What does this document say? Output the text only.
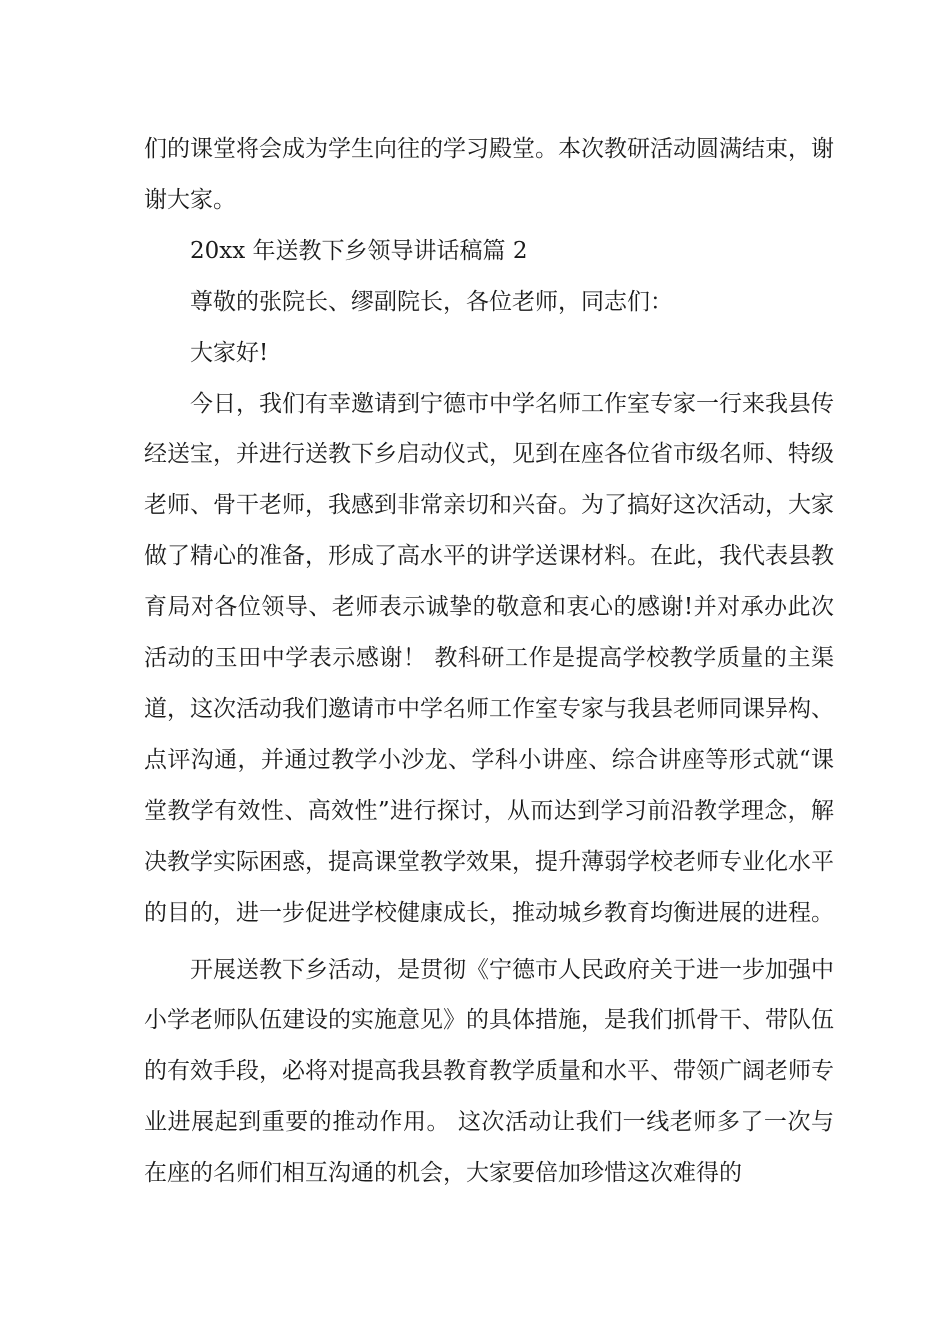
们的课堂将会成为学生向往的学习殿堂。本次教研活动圆满结束，谢谢大家。

20xx 年送教下乡领导讲话稿篇 2

尊敬的张院长、缪副院长，各位老师，同志们：

大家好!

今日，我们有幸邀请到宁德市中学名师工作室专家一行来我县传经送宝，并进行送教下乡启动仪式，见到在座各位省市级名师、特级老师、骨干老师，我感到非常亲切和兴奋。为了搞好这次活动，大家做了精心的准备，形成了高水平的讲学送课材料。在此，我代表县教育局对各位领导、老师表示诚挚的敬意和衷心的感谢!并对承办此次活动的玉田中学表示感谢！ 教科研工作是提高学校教学质量的主渠道，这次活动我们邀请市中学名师工作室专家与我县老师同课异构、点评沟通，并通过教学小沙龙、学科小讲座、综合讲座等形式就“课堂教学有效性、高效性”进行探讨，从而达到学习前沿教学理念，解决教学实际困惑，提高课堂教学效果，提升薄弱学校老师专业化水平的目的，进一步促进学校健康成长，推动城乡教育均衡进展的进程。

开展送教下乡活动，是贯彻《宁德市人民政府关于进一步加强中小学老师队伍建设的实施意见》的具体措施，是我们抓骨干、带队伍的有效手段，必将对提高我县教育教学质量和水平、带领广阔老师专业进展起到重要的推动作用。 这次活动让我们一线老师多了一次与在座的名师们相互沟通的机会，大家要倍加珍惜这次难得的
